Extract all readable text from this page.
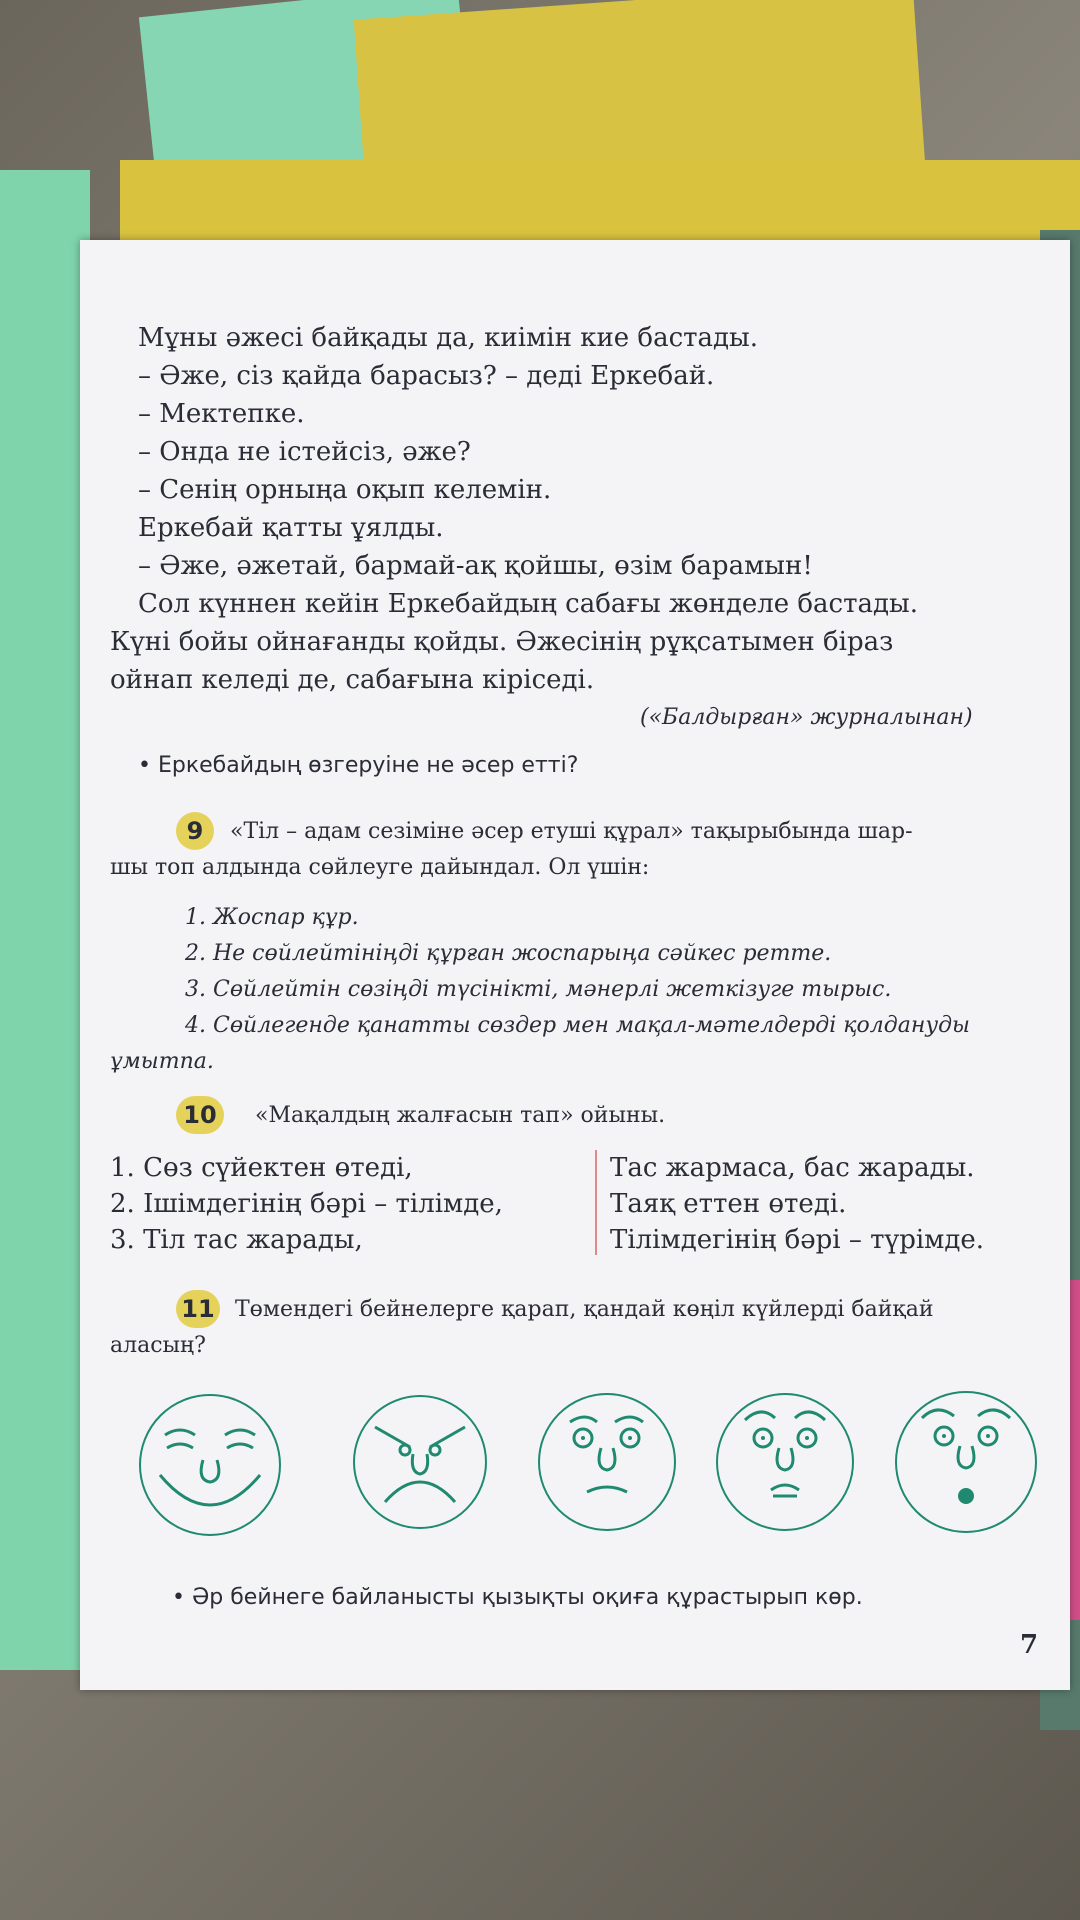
Мұны әжесі байқады да, киімін кие бастады.
– Әже, сіз қайда барасыз? – деді Еркебай.
– Мектепке.
– Онда не істейсіз, әже?
– Сенің орныңа оқып келемін.
Еркебай қатты ұялды.
– Әже, әжетай, бармай-ақ қойшы, өзім барамын!
Сол күннен кейін Еркебайдың сабағы жөнделе бастады.
Күні бойы ойнағанды қойды. Әжесінің рұқсатымен біраз
ойнап келеді де, сабағына кіріседі.
(«Балдырған» журналынан)
• Еркебайдың өзгеруіне не әсер етті?
9	«Тіл – адам сезіміне әсер етуші құрал» тақырыбында шар-
шы топ алдында сөйлеуге дайындал. Ол үшін:
1. Жоспар құр.
2. Не сөйлейтініңді құрған жоспарыңа сәйкес ретте.
3. Сөйлейтін сөзіңді түсінікті, мәнерлі жеткізуге тырыс.
4. Сөйлегенде қанатты сөздер мен мақал-мәтелдерді қолдануды
ұмытпа.
10	«Мақалдың жалғасын тап» ойыны.
1. Сөз сүйектен өтеді,
2. Ішімдегінің бәрі – тілімде,
3. Тіл тас жарады,
Тас жармаса, бас жарады.
Таяқ еттен өтеді.
Тілімдегінің бәрі – түрімде.
11 Төмендегі бейнелерге қарап, қандай көңіл күйлерді байқай
аласың?
• Әр бейнеге байланысты қызықты оқиға құрастырып көр.
7
